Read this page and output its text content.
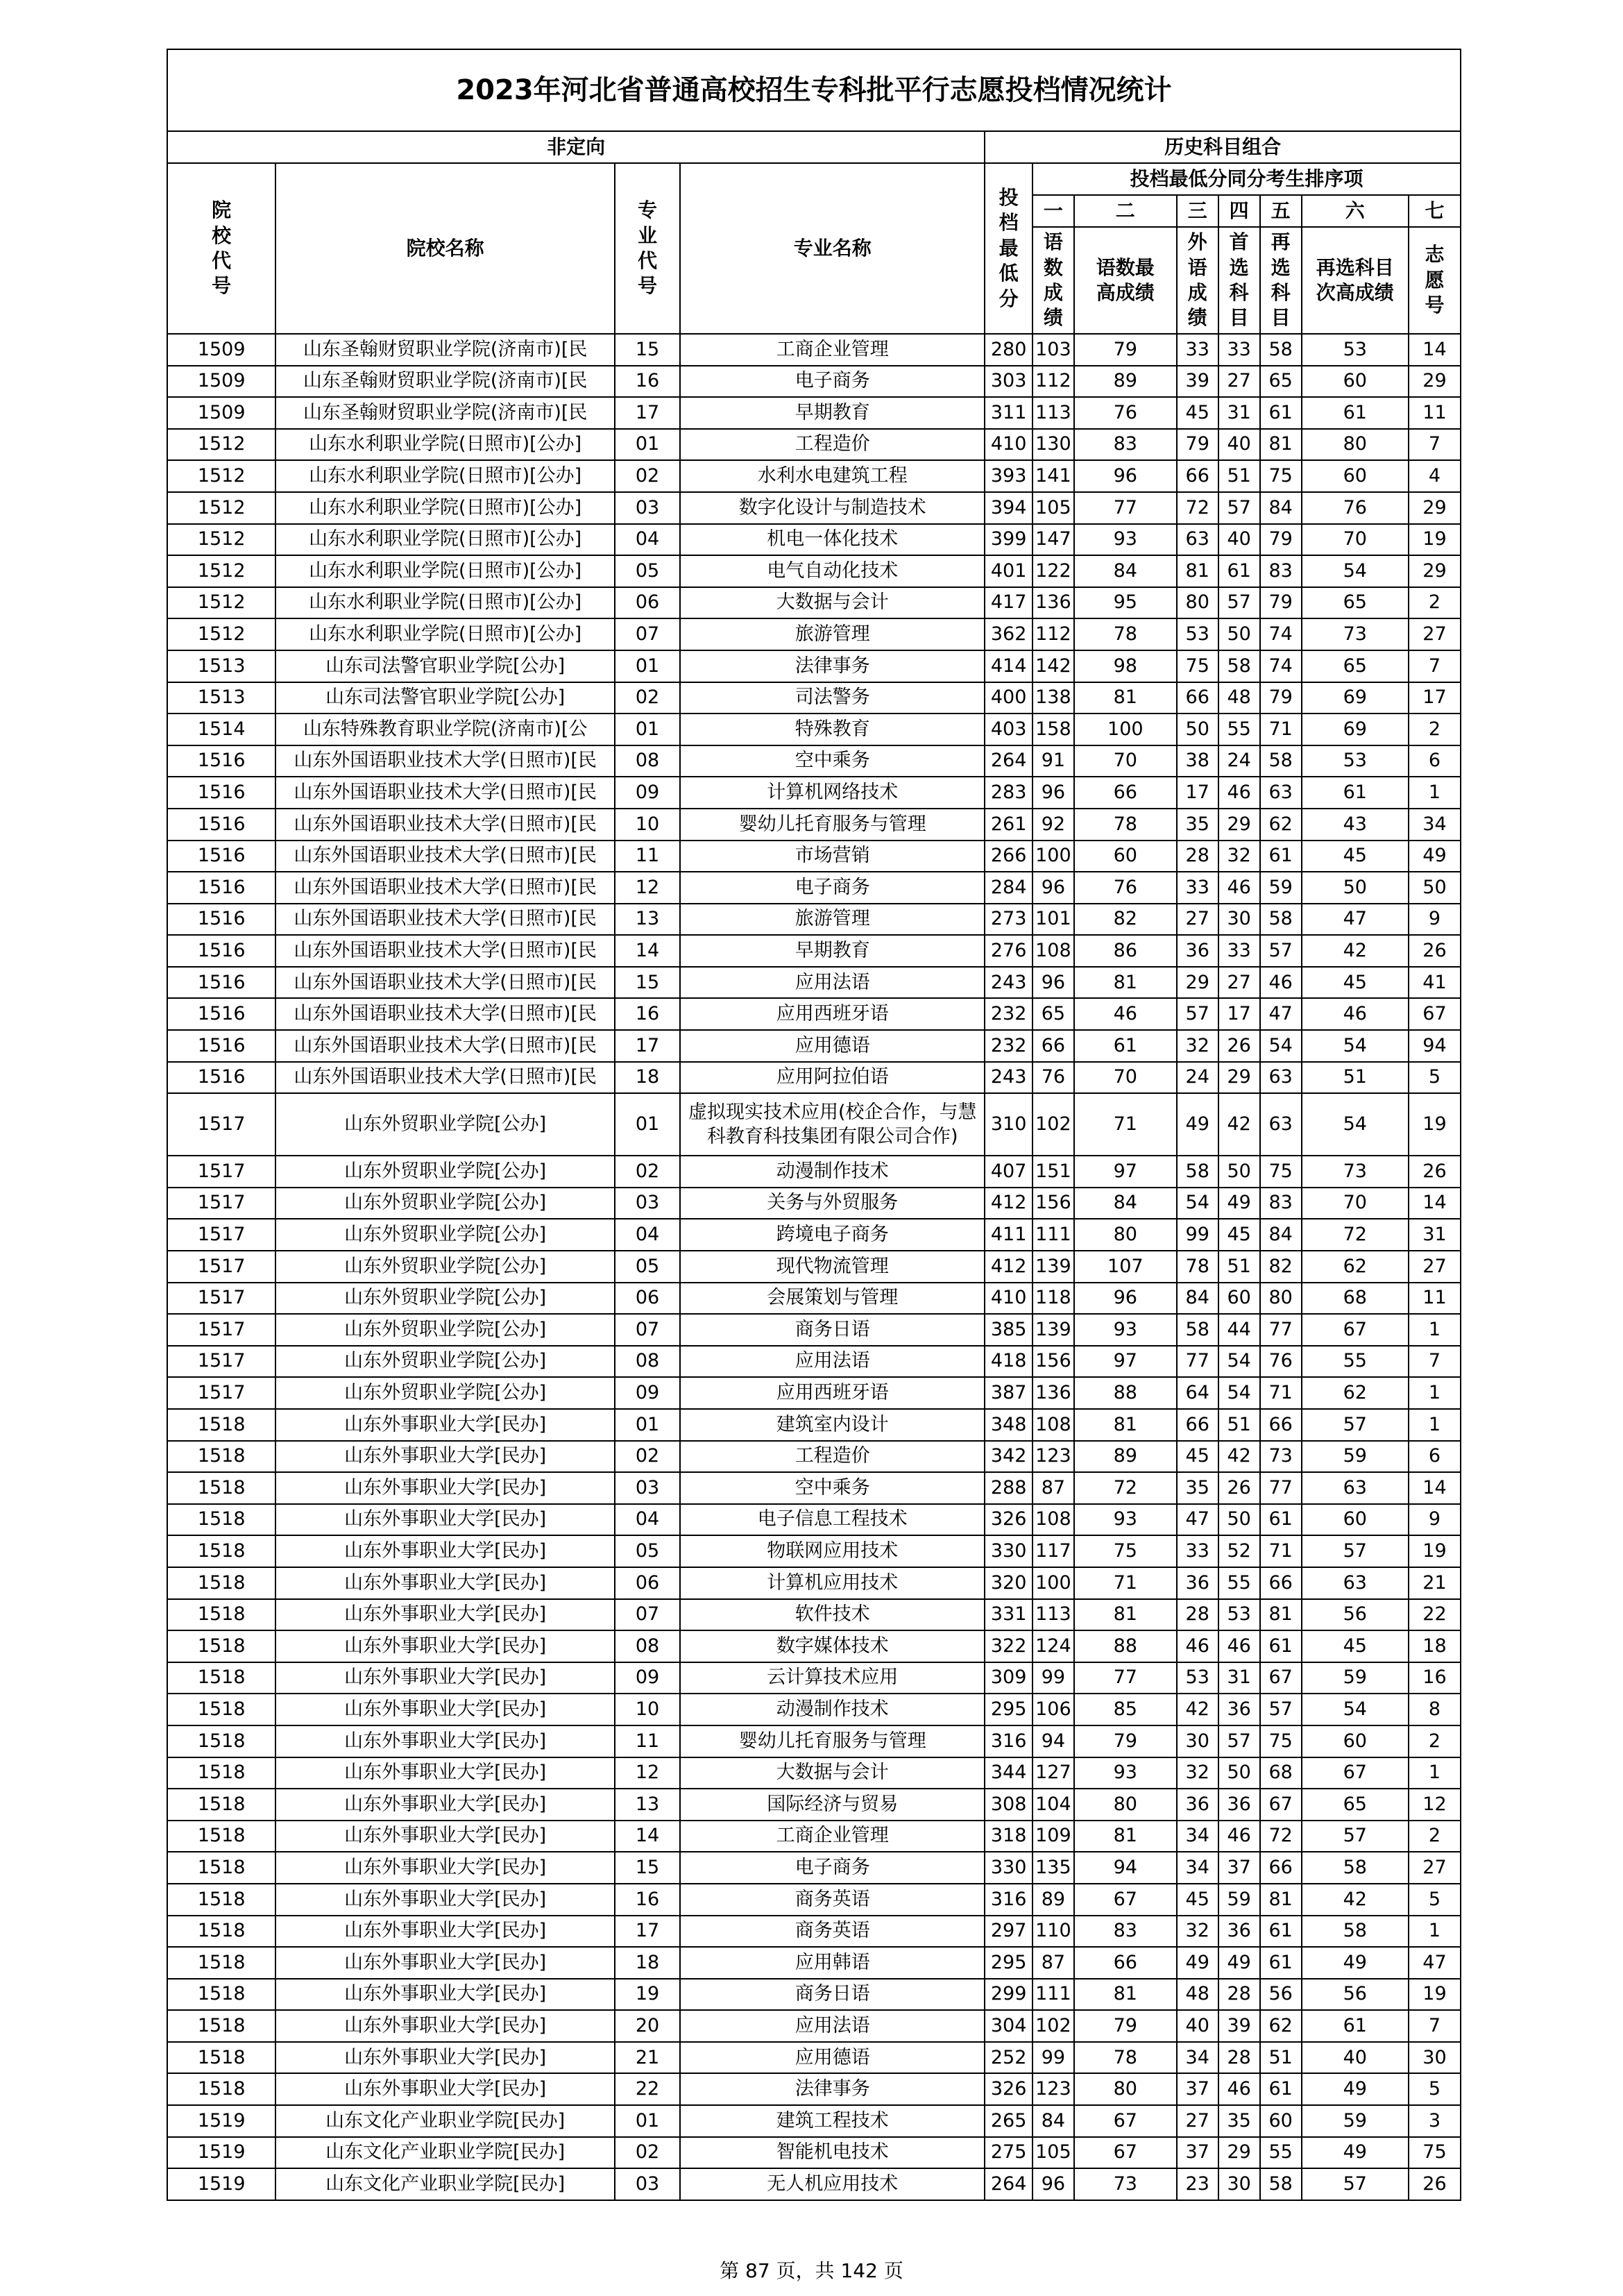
2023年河北省普通高校招生专科批平行志愿投档情况统计											
非定向				历史科目组合							

院校代号	院校名称	专业代号	专业名称	投档最低分	投档最低分同分考生排序项						
					一	二	三	四	五	六	七

					语数成绩	语数最高成绩	外语成绩	首选科目	再选科目	再选科目次高成绩	志愿号

1509	山东圣翰财贸职业学院(济南市)[民	15	工商企业管理	280	103	79	33	33	58	53	14
1509	山东圣翰财贸职业学院(济南市)[民	16	电子商务	303	112	89	39	27	65	60	29
1509	山东圣翰财贸职业学院(济南市)[民	17	早期教育	311	113	76	45	31	61	61	11
1512	山东水利职业学院(日照市)[公办]	01	工程造价	410	130	83	79	40	81	80	7
1512	山东水利职业学院(日照市)[公办]	02	水利水电建筑工程	393	141	96	66	51	75	60	4
1512	山东水利职业学院(日照市)[公办]	03	数字化设计与制造技术	394	105	77	72	57	84	76	29
1512	山东水利职业学院(日照市)[公办]	04	机电一体化技术	399	147	93	63	40	79	70	19
1512	山东水利职业学院(日照市)[公办]	05	电气自动化技术	401	122	84	81	61	83	54	29
1512	山东水利职业学院(日照市)[公办]	06	大数据与会计	417	136	95	80	57	79	65	2
1512	山东水利职业学院(日照市)[公办]	07	旅游管理	362	112	78	53	50	74	73	27
1513	山东司法警官职业学院[公办]	01	法律事务	414	142	98	75	58	74	65	7
1513	山东司法警官职业学院[公办]	02	司法警务	400	138	81	66	48	79	69	17
1514	山东特殊教育职业学院(济南市)[公	01	特殊教育	403	158	100	50	55	71	69	2
1516	山东外国语职业技术大学(日照市)[民	08	空中乘务	264	91	70	38	24	58	53	6
1516	山东外国语职业技术大学(日照市)[民	09	计算机网络技术	283	96	66	17	46	63	61	1
1516	山东外国语职业技术大学(日照市)[民	10	婴幼儿托育服务与管理	261	92	78	35	29	62	43	34
1516	山东外国语职业技术大学(日照市)[民	11	市场营销	266	100	60	28	32	61	45	49
1516	山东外国语职业技术大学(日照市)[民	12	电子商务	284	96	76	33	46	59	50	50
1516	山东外国语职业技术大学(日照市)[民	13	旅游管理	273	101	82	27	30	58	47	9
1516	山东外国语职业技术大学(日照市)[民	14	早期教育	276	108	86	36	33	57	42	26
1516	山东外国语职业技术大学(日照市)[民	15	应用法语	243	96	81	29	27	46	45	41
1516	山东外国语职业技术大学(日照市)[民	16	应用西班牙语	232	65	46	57	17	47	46	67
1516	山东外国语职业技术大学(日照市)[民	17	应用德语	232	66	61	32	26	54	54	94
1516	山东外国语职业技术大学(日照市)[民	18	应用阿拉伯语	243	76	70	24	29	63	51	5
1517	山东外贸职业学院[公办]	01	虚拟现实技术应用(校企合作，与慧科教育科技集团有限公司合作)	310	102	71	49	42	63	54	19
1517	山东外贸职业学院[公办]	02	动漫制作技术	407	151	97	58	50	75	73	26
1517	山东外贸职业学院[公办]	03	关务与外贸服务	412	156	84	54	49	83	70	14
1517	山东外贸职业学院[公办]	04	跨境电子商务	411	111	80	99	45	84	72	31
1517	山东外贸职业学院[公办]	05	现代物流管理	412	139	107	78	51	82	62	27
1517	山东外贸职业学院[公办]	06	会展策划与管理	410	118	96	84	60	80	68	11
1517	山东外贸职业学院[公办]	07	商务日语	385	139	93	58	44	77	67	1
1517	山东外贸职业学院[公办]	08	应用法语	418	156	97	77	54	76	55	7
1517	山东外贸职业学院[公办]	09	应用西班牙语	387	136	88	64	54	71	62	1
1518	山东外事职业大学[民办]	01	建筑室内设计	348	108	81	66	51	66	57	1
1518	山东外事职业大学[民办]	02	工程造价	342	123	89	45	42	73	59	6
1518	山东外事职业大学[民办]	03	空中乘务	288	87	72	35	26	77	63	14
1518	山东外事职业大学[民办]	04	电子信息工程技术	326	108	93	47	50	61	60	9
1518	山东外事职业大学[民办]	05	物联网应用技术	330	117	75	33	52	71	57	19
1518	山东外事职业大学[民办]	06	计算机应用技术	320	100	71	36	55	66	63	21
1518	山东外事职业大学[民办]	07	软件技术	331	113	81	28	53	81	56	22
1518	山东外事职业大学[民办]	08	数字媒体技术	322	124	88	46	46	61	45	18
1518	山东外事职业大学[民办]	09	云计算技术应用	309	99	77	53	31	67	59	16
1518	山东外事职业大学[民办]	10	动漫制作技术	295	106	85	42	36	57	54	8
1518	山东外事职业大学[民办]	11	婴幼儿托育服务与管理	316	94	79	30	57	75	60	2
1518	山东外事职业大学[民办]	12	大数据与会计	344	127	93	32	50	68	67	1
1518	山东外事职业大学[民办]	13	国际经济与贸易	308	104	80	36	36	67	65	12
1518	山东外事职业大学[民办]	14	工商企业管理	318	109	81	34	46	72	57	2
1518	山东外事职业大学[民办]	15	电子商务	330	135	94	34	37	66	58	27
1518	山东外事职业大学[民办]	16	商务英语	316	89	67	45	59	81	42	5
1518	山东外事职业大学[民办]	17	商务英语	297	110	83	32	36	61	58	1
1518	山东外事职业大学[民办]	18	应用韩语	295	87	66	49	49	61	49	47
1518	山东外事职业大学[民办]	19	商务日语	299	111	81	48	28	56	56	19
1518	山东外事职业大学[民办]	20	应用法语	304	102	79	40	39	62	61	7
1518	山东外事职业大学[民办]	21	应用德语	252	99	78	34	28	51	40	30
1518	山东外事职业大学[民办]	22	法律事务	326	123	80	37	46	61	49	5
1519	山东文化产业职业学院[民办]	01	建筑工程技术	265	84	67	27	35	60	59	3
1519	山东文化产业职业学院[民办]	02	智能机电技术	275	105	67	37	29	55	49	75
1519	山东文化产业职业学院[民办]	03	无人机应用技术	264	96	73	23	30	58	57	26
第 87 页，共 142 页
